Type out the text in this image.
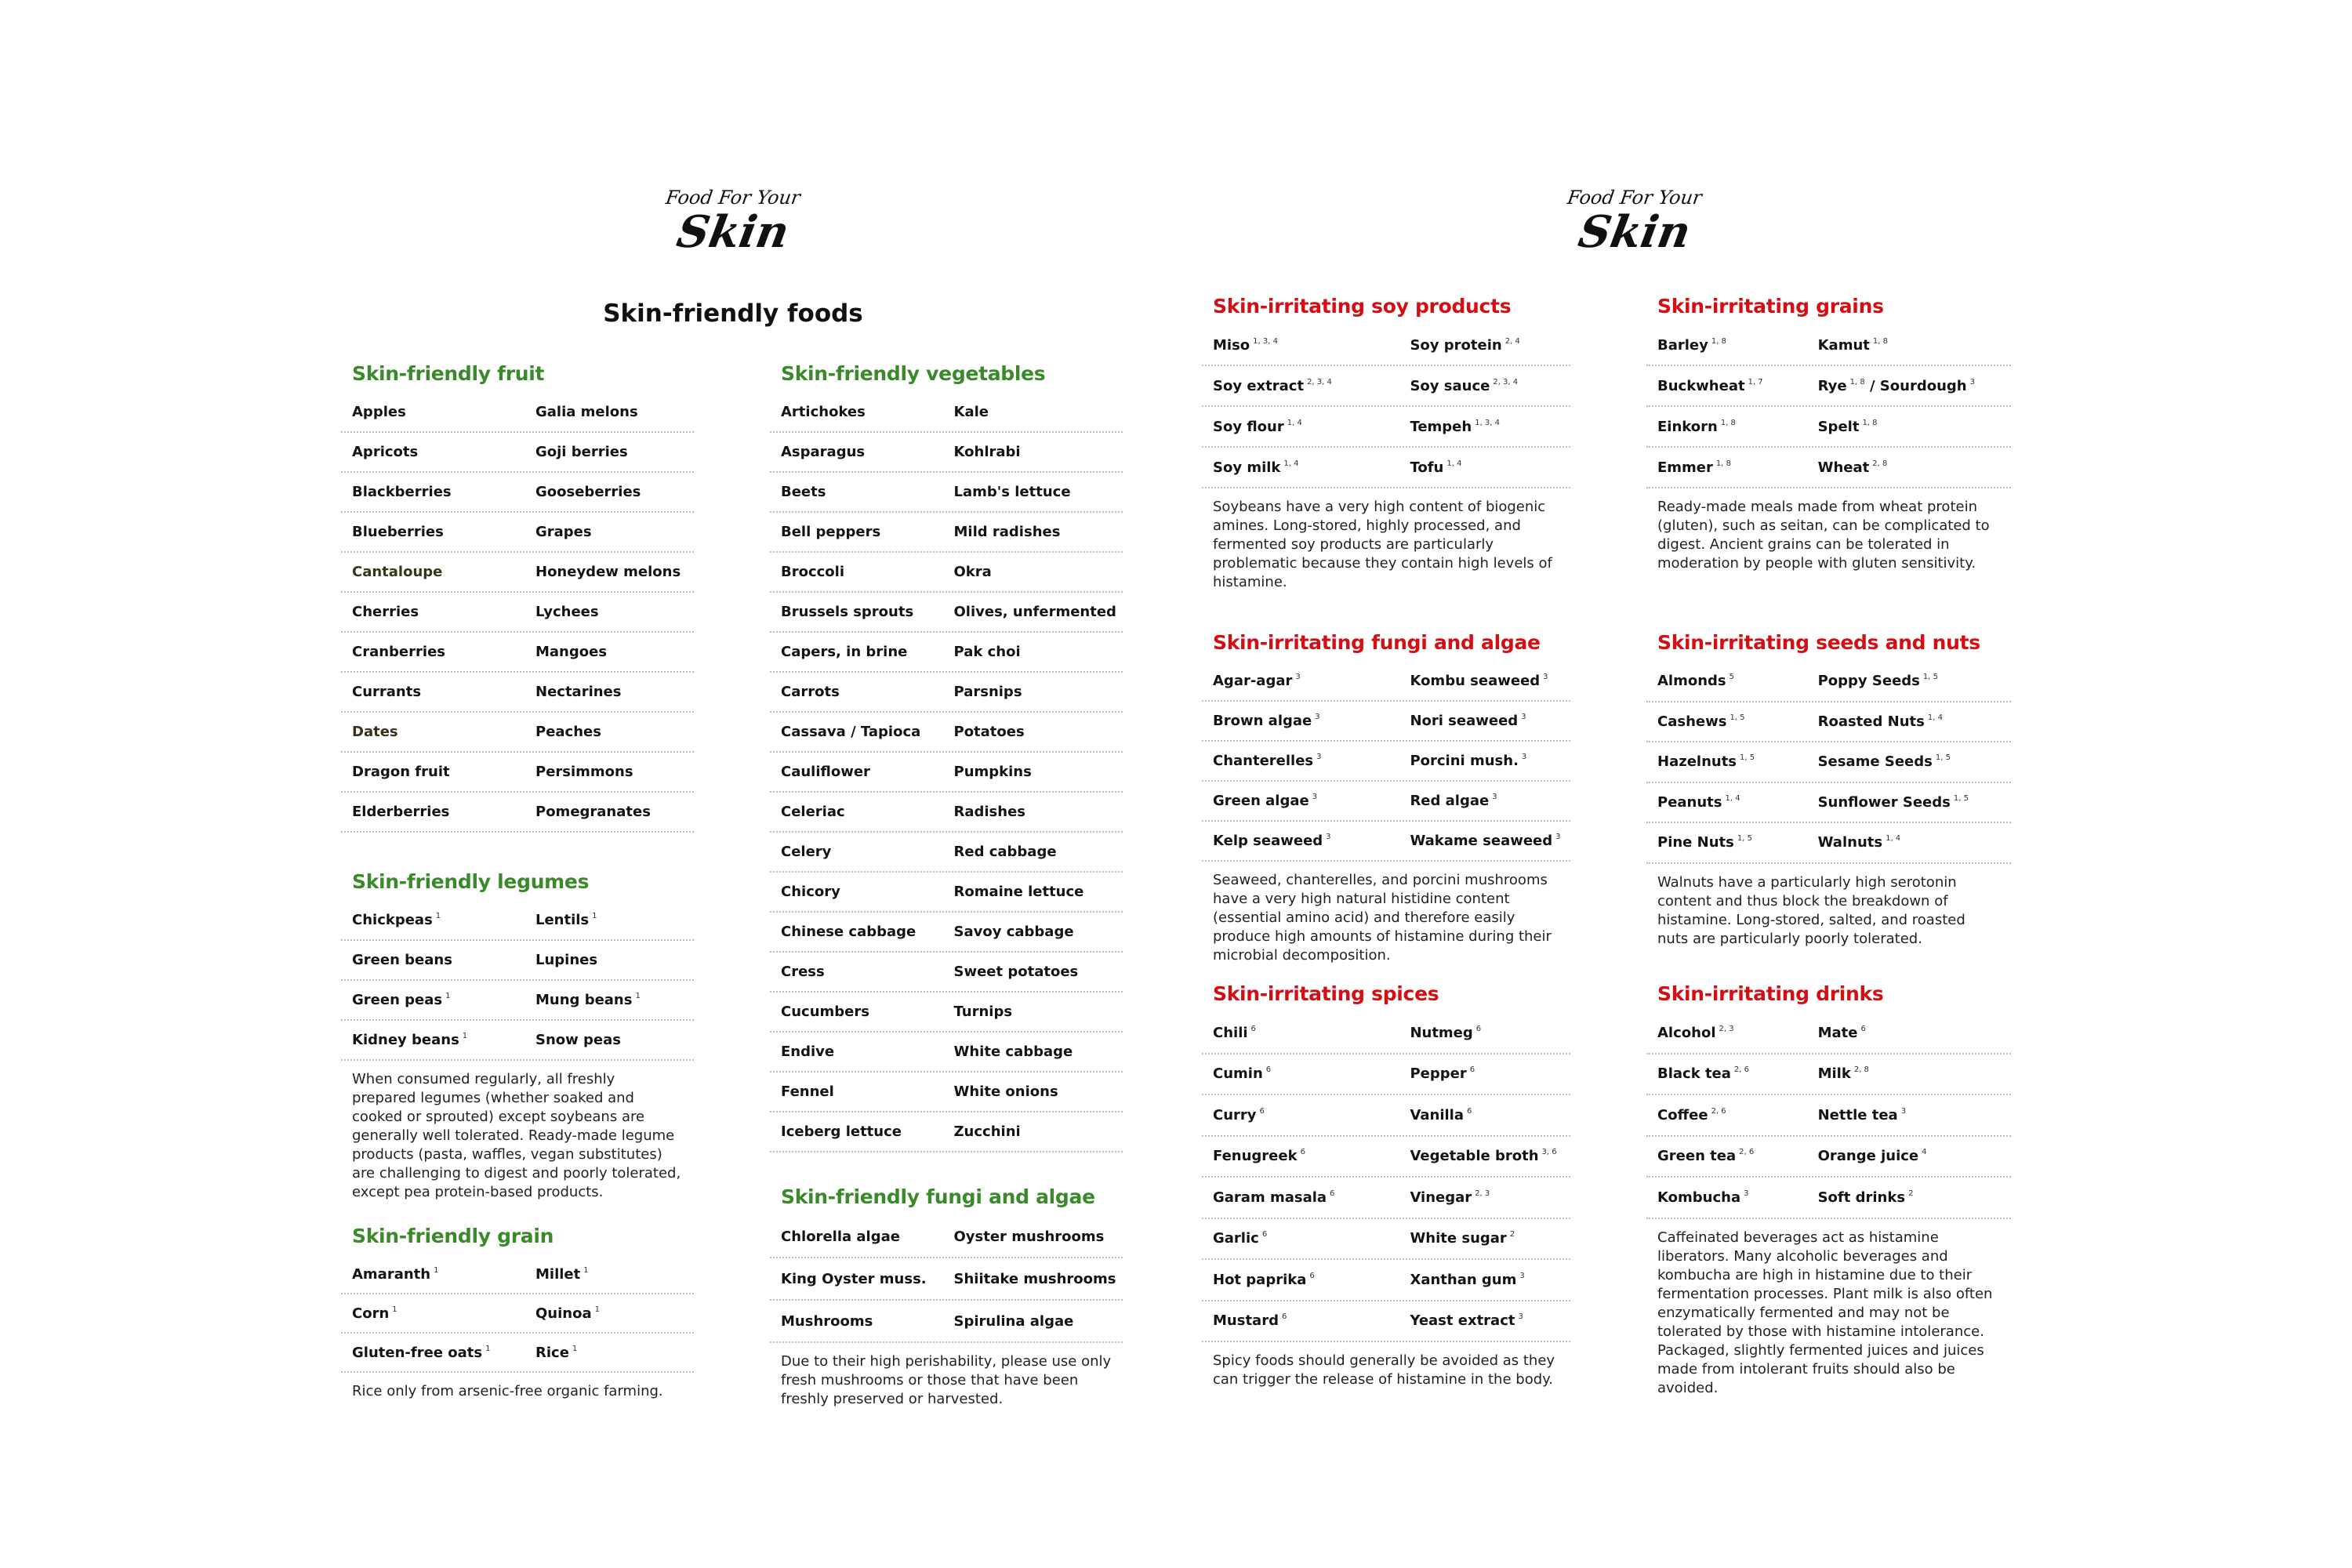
Food For Your
Skin
Skin-friendly foods
Skin-friendly fruit
Apples	Galia melons
Apricots	Goji berries
Blackberries	Gooseberries
Blueberries	Grapes
Cantaloupe	Honeydew melons
Cherries	Lychees
Cranberries	Mangoes
Currants	Nectarines
Dates	Peaches
Dragon fruit	Persimmons
Elderberries	Pomegranates
Skin-friendly legumes
Chickpeas $^1$	Lentils $^1$
Green beans	Lupines
Green peas $^1$	Mung beans $^1$
Kidney beans $^1$	Snow peas
When consumed regularly, all freshly prepared legumes (whether soaked and cooked or sprouted) except soybeans are generally well tolerated. Ready-made legume products (pasta, waffles, vegan substitutes) are challenging to digest and poorly tolerated, except pea protein-based products.
Skin-friendly grain
Amaranth $^1$	Millet $^1$
Corn $^1$	Quinoa $^1$
Gluten-free oats $^1$	Rice $^1$
Rice only from arsenic-free organic farming.
Skin-friendly vegetables
Artichokes	Kale
Asparagus	Kohlrabi
Beets	Lamb's lettuce
Bell peppers	Mild radishes
Broccoli	Okra
Brussels sprouts	Olives, unfermented
Capers, in brine	Pak choi
Carrots	Parsnips
Cassava / Tapioca	Potatoes
Cauliflower	Pumpkins
Celeriac	Radishes
Celery	Red cabbage
Chicory	Romaine lettuce
Chinese cabbage	Savoy cabbage
Cress	Sweet potatoes
Cucumbers	Turnips
Endive	White cabbage
Fennel	White onions
Iceberg lettuce	Zucchini
Skin-friendly fungi and algae
Chlorella algae	Oyster mushrooms
King Oyster muss.	Shiitake mushrooms
Mushrooms	Spirulina algae
Due to their high perishability, please use only fresh mushrooms or those that have been freshly preserved or harvested.
Food For Your
Skin
Skin-irritating soy products
Miso $^{1, 3, 4}$	Soy protein $^{2, 4}$
Soy extract $^{2, 3, 4}$	Soy sauce $^{2, 3, 4}$
Soy flour $^{1, 4}$	Tempeh $^{1, 3, 4}$
Soy milk $^{1, 4}$	Tofu $^{1, 4}$
Soybeans have a very high content of biogenic amines. Long-stored, highly processed, and fermented soy products are particularly problematic because they contain high levels of histamine.
Skin-irritating fungi and algae
Agar-agar $^3$	Kombu seaweed $^3$
Brown algae $^3$	Nori seaweed $^3$
Chanterelles $^3$	Porcini mush. $^3$
Green algae $^3$	Red algae $^3$
Kelp seaweed $^3$	Wakame seaweed $^3$
Seaweed, chanterelles, and porcini mushrooms have a very high natural histidine content (essential amino acid) and therefore easily produce high amounts of histamine during their microbial decomposition.
Skin-irritating spices
Chili $^6$	Nutmeg $^6$
Cumin $^6$	Pepper $^6$
Curry $^6$	Vanilla $^6$
Fenugreek $^6$	Vegetable broth $^{3, 6}$
Garam masala $^6$	Vinegar $^{2, 3}$
Garlic $^6$	White sugar $^2$
Hot paprika $^6$	Xanthan gum $^3$
Mustard $^6$	Yeast extract $^3$
Spicy foods should generally be avoided as they can trigger the release of histamine in the body.
Skin-irritating grains
Barley $^{1, 8}$	Kamut $^{1, 8}$
Buckwheat $^{1, 7}$	Rye $^{1, 8}$ / Sourdough $^3$
Einkorn $^{1, 8}$	Spelt $^{1, 8}$
Emmer $^{1, 8}$	Wheat $^{2, 8}$
Ready-made meals made from wheat protein (gluten), such as seitan, can be complicated to digest. Ancient grains can be tolerated in moderation by people with gluten sensitivity.
Skin-irritating seeds and nuts
Almonds $^5$	Poppy Seeds $^{1, 5}$
Cashews $^{1, 5}$	Roasted Nuts $^{1, 4}$
Hazelnuts $^{1, 5}$	Sesame Seeds $^{1, 5}$
Peanuts $^{1, 4}$	Sunflower Seeds $^{1, 5}$
Pine Nuts $^{1, 5}$	Walnuts $^{1, 4}$
Walnuts have a particularly high serotonin content and thus block the breakdown of histamine. Long-stored, salted, and roasted nuts are particularly poorly tolerated.
Skin-irritating drinks
Alcohol $^{2, 3}$	Mate $^6$
Black tea $^{2, 6}$	Milk $^{2, 8}$
Coffee $^{2, 6}$	Nettle tea $^3$
Green tea $^{2, 6}$	Orange juice $^4$
Kombucha $^3$	Soft drinks $^2$
Caffeinated beverages act as histamine liberators. Many alcoholic beverages and kombucha are high in histamine due to their fermentation processes. Plant milk is also often enzymatically fermented and may not be tolerated by those with histamine intolerance. Packaged, slightly fermented juices and juices made from intolerant fruits should also be avoided.
